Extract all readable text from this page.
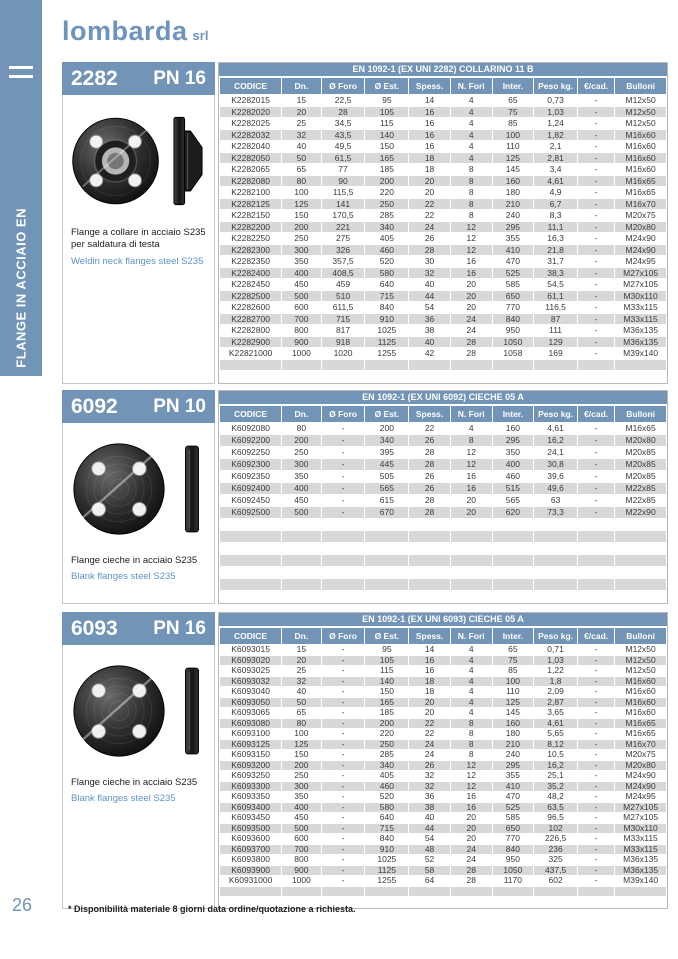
FLANGE IN ACCIAIO EN
lombarda srl
2282 PN 16

Flange a collare in acciaio S235 per saldatura di testa

Weldin neck flanges steel S235

EN 1092-1 (EX UNI 2282) COLLARINO 11 B
CODICE	Dn.	Ø Foro	Ø Est.	Spess.	N. Fori	Inter.	Peso kg.	€/cad.	Bulloni
K2282015	15	22,5	95	14	4	65	0,73	-	M12x50
K2282020	20	28	105	16	4	75	1,03	-	M12x50
K2282025	25	34,5	115	16	4	85	1,24	-	M12x50
K2282032	32	43,5	140	16	4	100	1,82	-	M16x60
K2282040	40	49,5	150	16	4	110	2,1	-	M16x60
K2282050	50	61,5	165	18	4	125	2,81	-	M16x60
K2282065	65	77	185	18	8	145	3,4	-	M16x60
K2282080	80	90	200	20	8	160	4,61	-	M16x65
K2282100	100	115,5	220	20	8	180	4,9	-	M16x65
K2282125	125	141	250	22	8	210	6,7	-	M16x70
K2282150	150	170,5	285	22	8	240	8,3	-	M20x75
K2282200	200	221	340	24	12	295	11,1	-	M20x80
K2282250	250	275	405	26	12	355	16,3	-	M24x90
K2282300	300	326	460	28	12	410	21,8	-	M24x90
K2282350	350	357,5	520	30	16	470	31,7	-	M24x95
K2282400	400	408,5	580	32	16	525	38,3	-	M27x105
K2282450	450	459	640	40	20	585	54,5	-	M27x105
K2282500	500	510	715	44	20	650	61,1	-	M30x110
K2282600	600	611,5	840	54	20	770	116,5	-	M33x115
K2282700	700	715	910	36	24	840	87	-	M33x115
K2282800	800	817	1025	38	24	950	111	-	M36x135
K2282900	900	918	1125	40	28	1050	129	-	M36x135
K22821000	1000	1020	1255	42	28	1058	169	-	M39x140

6092 PN 10

Flange cieche in acciaio S235

Blank flanges steel S235

EN 1092-1 (EX UNI 6092) CIECHE 05 A
CODICE	Dn.	Ø Foro	Ø Est.	Spess.	N. Fori	Inter.	Peso kg.	€/cad.	Bulloni
K6092080	80	-	200	22	4	160	4,61	-	M16x65
K6092200	200	-	340	26	8	295	16,2	-	M20x80
K6092250	250	-	395	28	12	350	24,1	-	M20x85
K6092300	300	-	445	28	12	400	30,8	-	M20x85
K6092350	350	-	505	26	16	460	39,6	-	M20x85
K6092400	400	-	565	26	16	515	49,6	-	M22x85
K6092450	450	-	615	28	20	565	63	-	M22x85
K6092500	500	-	670	28	20	620	73,3	-	M22x90

6093 PN 16

Flange cieche in acciaio S235

Blank flanges steel S235

EN 1092-1 (EX UNI 6093) CIECHE 05 A
CODICE	Dn.	Ø Foro	Ø Est.	Spess.	N. Fori	Inter.	Peso kg.	€/cad.	Bulloni
K6093015	15	-	95	14	4	65	0,71	-	M12x50
K6093020	20	-	105	16	4	75	1,03	-	M12x50
K6093025	25	-	115	16	4	85	1,22	-	M12x50
K6093032	32	-	140	18	4	100	1,8	-	M16x60
K6093040	40	-	150	18	4	110	2,09	-	M16x60
K6093050	50	-	165	20	4	125	2,87	-	M16x60
K6093065	65	-	185	20	4	145	3,65	-	M16x60
K6093080	80	-	200	22	8	160	4,61	-	M16x65
K6093100	100	-	220	22	8	180	5,65	-	M16x65
K6093125	125	-	250	24	8	210	8,12	-	M16x70
K6093150	150	-	285	24	8	240	10,5	-	M20x75
K6093200	200	-	340	26	12	295	16,2	-	M20x80
K6093250	250	-	405	32	12	355	25,1	-	M24x90
K6093300	300	-	460	32	12	410	35,2	-	M24x90
K6093350	350	-	520	36	16	470	48,2	-	M24x95
K6093400	400	-	580	38	16	525	63,5	-	M27x105
K6093450	450	-	640	40	20	585	96,5	-	M27x105
K6093500	500	-	715	44	20	650	102	-	M30x110
K6093600	600	-	840	54	20	770	226,5	-	M33x115
K6093700	700	-	910	48	24	840	236	-	M33x115
K6093800	800	-	1025	52	24	950	325	-	M36x135
K6093900	900	-	1125	58	28	1050	437,5	-	M36x135
K60931000	1000	-	1255	64	28	1170	602	-	M39x140

26	* Disponibilità materiale 8 giorni data ordine/quotazione a richiesta.
